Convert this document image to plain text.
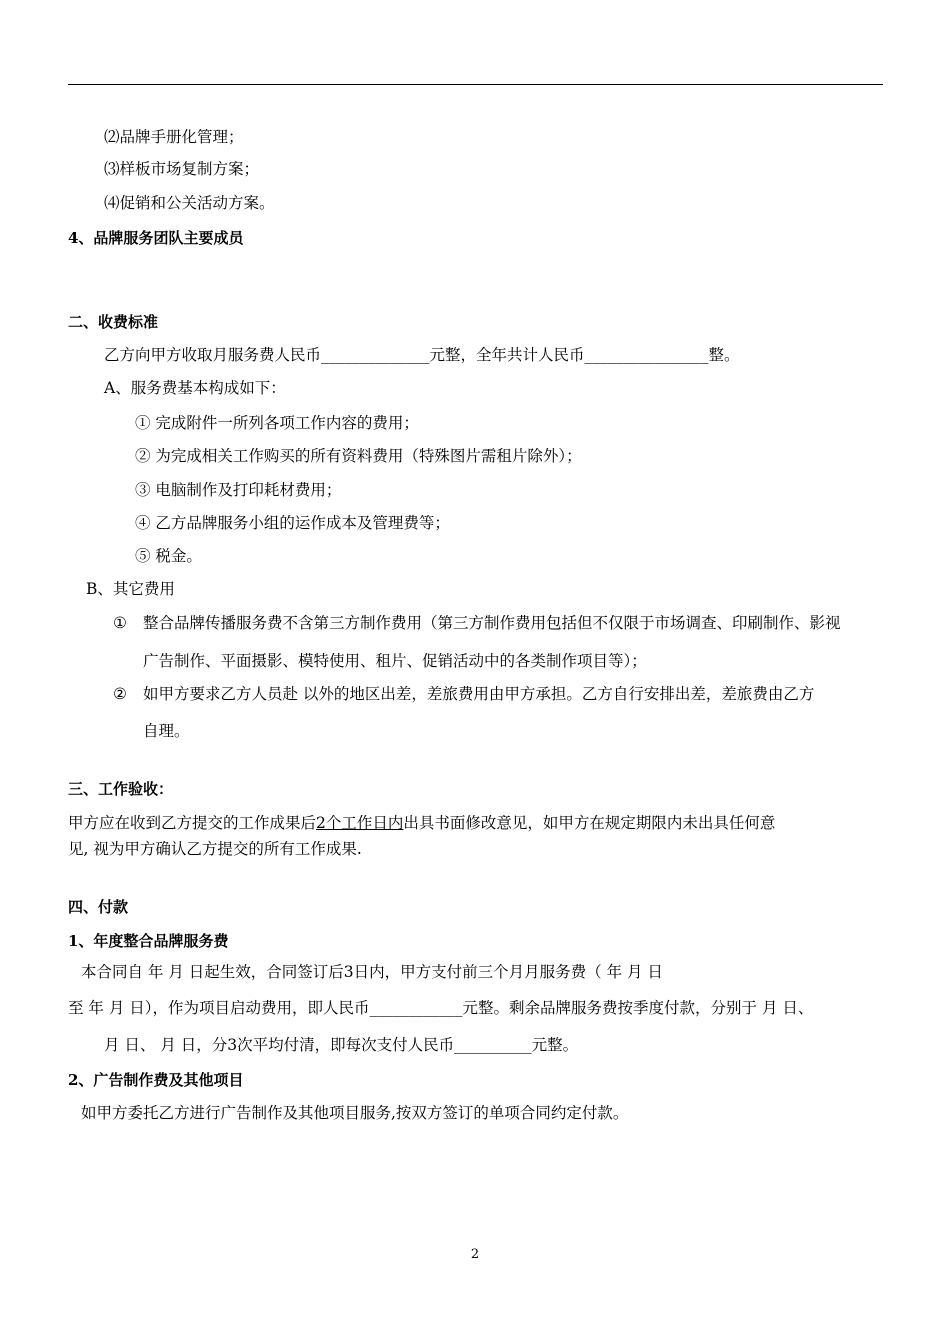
⑵品牌手册化管理；
⑶样板市场复制方案；
⑷促销和公关活动方案。
4、品牌服务团队主要成员
二、收费标准
乙方向甲方收取月服务费人民币______________元整，全年共计人民币________________整。
A、服务费基本构成如下：
① 完成附件一所列各项工作内容的费用；
② 为完成相关工作购买的所有资料费用（特殊图片需租片除外）；
③ 电脑制作及打印耗材费用；
④ 乙方品牌服务小组的运作成本及管理费等；
⑤ 税金。
B、其它费用
① 整合品牌传播服务费不含第三方制作费用（第三方制作费用包括但不仅限于市场调查、印刷制作、影视
广告制作、平面摄影、模特使用、租片、促销活动中的各类制作项目等）；
② 如甲方要求乙方人员赴 以外的地区出差，差旅费用由甲方承担。乙方自行安排出差，差旅费由乙方
自理。
三、工作验收：
甲方应在收到乙方提交的工作成果后2个工作日内出具书面修改意见，如甲方在规定期限内未出具任何意
见, 视为甲方确认乙方提交的所有工作成果.
四、付款
1、年度整合品牌服务费
本合同自 年 月 日起生效，合同签订后3日内，甲方支付前三个月月服务费（ 年 月 日
至 年 月 日），作为项目启动费用，即人民币____________元整。剩余品牌服务费按季度付款，分别于 月 日、
月 日、 月 日，分3次平均付清，即每次支付人民币__________元整。
2、广告制作费及其他项目
如甲方委托乙方进行广告制作及其他项目服务,按双方签订的单项合同约定付款。
2
